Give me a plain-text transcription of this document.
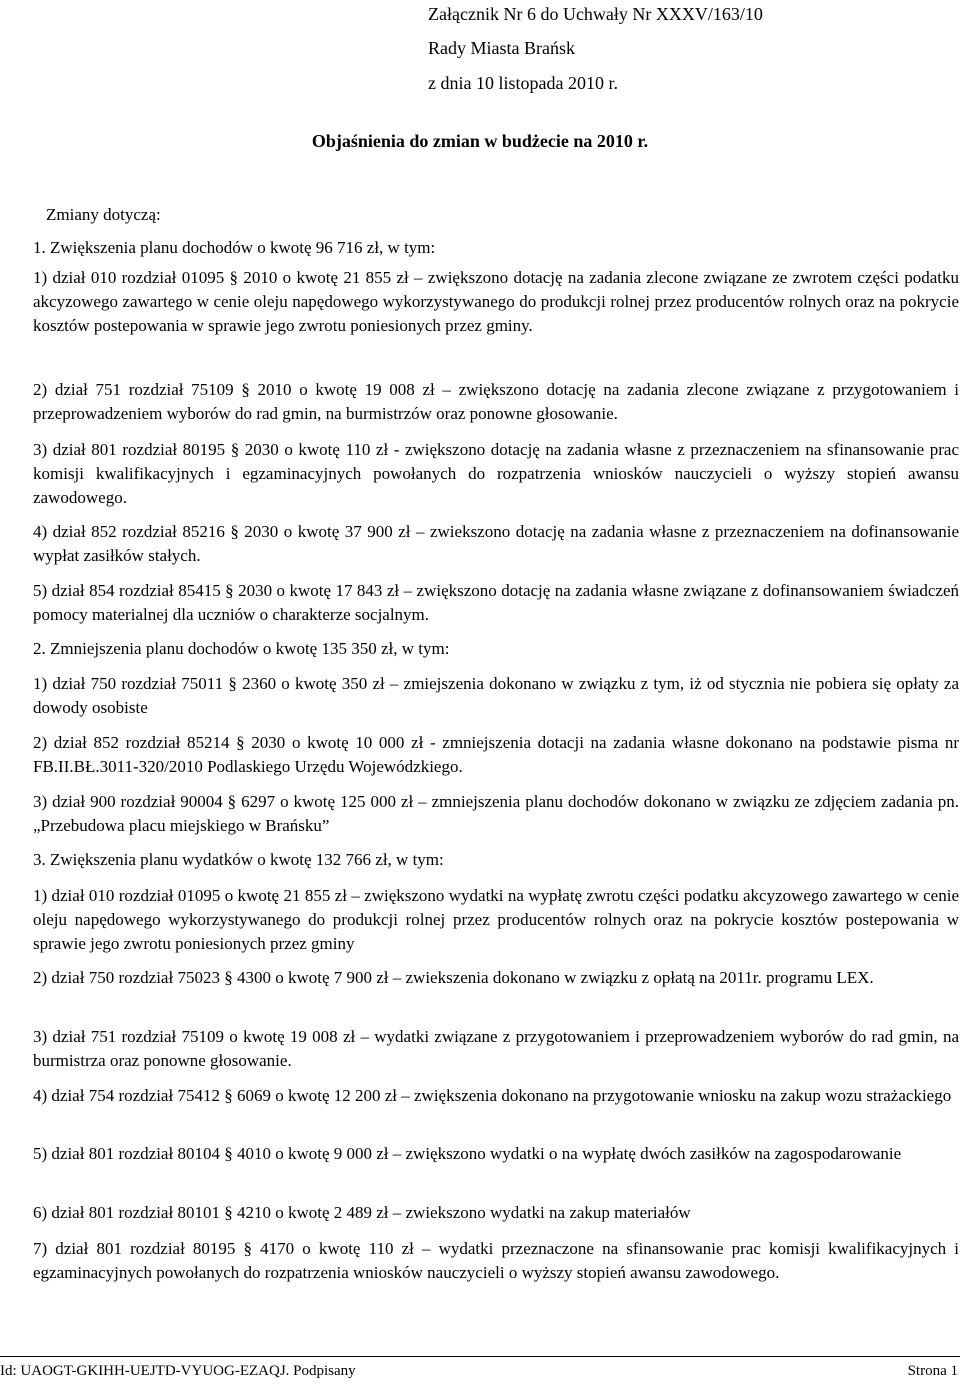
Załącznik Nr 6 do Uchwały Nr XXXV/163/10
Rady Miasta Brańsk
z dnia 10 listopada 2010 r.
Objaśnienia do zmian w budżecie na 2010 r.
Zmiany dotyczą:
1. Zwiększenia planu dochodów o kwotę 96 716 zł, w tym:
1) dział 010 rozdział 01095 § 2010 o kwotę 21 855 zł – zwiększono dotację na zadania zlecone związane ze zwrotem części podatku akcyzowego zawartego w cenie oleju napędowego wykorzystywanego do produkcji rolnej przez producentów rolnych oraz na pokrycie kosztów postepowania w sprawie jego zwrotu poniesionych przez gminy.
2) dział 751 rozdział 75109 § 2010 o kwotę 19 008 zł – zwiększono dotację na zadania zlecone związane z przygotowaniem i przeprowadzeniem wyborów do rad gmin, na burmistrzów oraz ponowne głosowanie.
3) dział 801 rozdział 80195 § 2030 o kwotę 110 zł - zwiększono dotację na zadania własne z przeznaczeniem na sfinansowanie prac komisji kwalifikacyjnych i egzaminacyjnych powołanych do rozpatrzenia wniosków nauczycieli o wyższy stopień awansu zawodowego.
4) dział 852 rozdział 85216 § 2030 o kwotę 37 900 zł – zwiekszono dotację na zadania własne z przeznaczeniem na dofinansowanie wypłat zasiłków stałych.
5) dział 854 rozdział 85415 § 2030 o kwotę 17 843 zł – zwiększono dotację na zadania własne związane z dofinansowaniem świadczeń pomocy materialnej dla uczniów o charakterze socjalnym.
2. Zmniejszenia planu dochodów o kwotę 135 350 zł, w tym:
1) dział 750 rozdział 75011 § 2360 o kwotę 350 zł – zmiejszenia dokonano w związku z tym, iż od stycznia nie pobiera się opłaty za dowody osobiste
2) dział 852 rozdział 85214 § 2030 o kwotę 10 000 zł - zmniejszenia dotacji na zadania własne dokonano na podstawie pisma nr FB.II.BŁ.3011-320/2010 Podlaskiego Urzędu Wojewódzkiego.
3) dział 900 rozdział 90004 § 6297 o kwotę 125 000 zł – zmniejszenia planu dochodów dokonano w związku ze zdjęciem zadania pn. „Przebudowa placu miejskiego w Brańsku”
3. Zwiększenia planu wydatków o kwotę 132 766 zł, w tym:
1) dział 010 rozdział 01095 o kwotę 21 855 zł – zwiększono wydatki na wypłatę zwrotu części podatku akcyzowego zawartego w cenie oleju napędowego wykorzystywanego do produkcji rolnej przez producentów rolnych oraz na pokrycie kosztów postepowania w sprawie jego zwrotu poniesionych przez gminy
2) dział 750 rozdział 75023 § 4300 o kwotę 7 900 zł – zwiekszenia dokonano w związku z opłatą na 2011r. programu LEX.
3) dział 751 rozdział 75109 o kwotę 19 008 zł – wydatki związane z przygotowaniem i przeprowadzeniem wyborów do rad gmin, na burmistrza oraz ponowne głosowanie.
4) dział 754 rozdział 75412 § 6069 o kwotę 12 200 zł – zwiększenia dokonano na przygotowanie wniosku na zakup wozu strażackiego
5) dział 801 rozdział 80104 § 4010 o kwotę 9 000 zł – zwiększono wydatki o na wypłatę dwóch zasiłków na zagospodarowanie
6) dział 801 rozdział 80101 § 4210 o kwotę 2 489 zł – zwiekszono wydatki na zakup materiałów
7) dział 801 rozdział 80195 § 4170 o kwotę 110 zł – wydatki przeznaczone na sfinansowanie prac komisji kwalifikacyjnych i egzaminacyjnych powołanych do rozpatrzenia wniosków nauczycieli o wyższy stopień awansu zawodowego.
Id: UAOGT-GKIHH-UEJTD-VYUOG-EZAQJ. Podpisany	Strona 1
